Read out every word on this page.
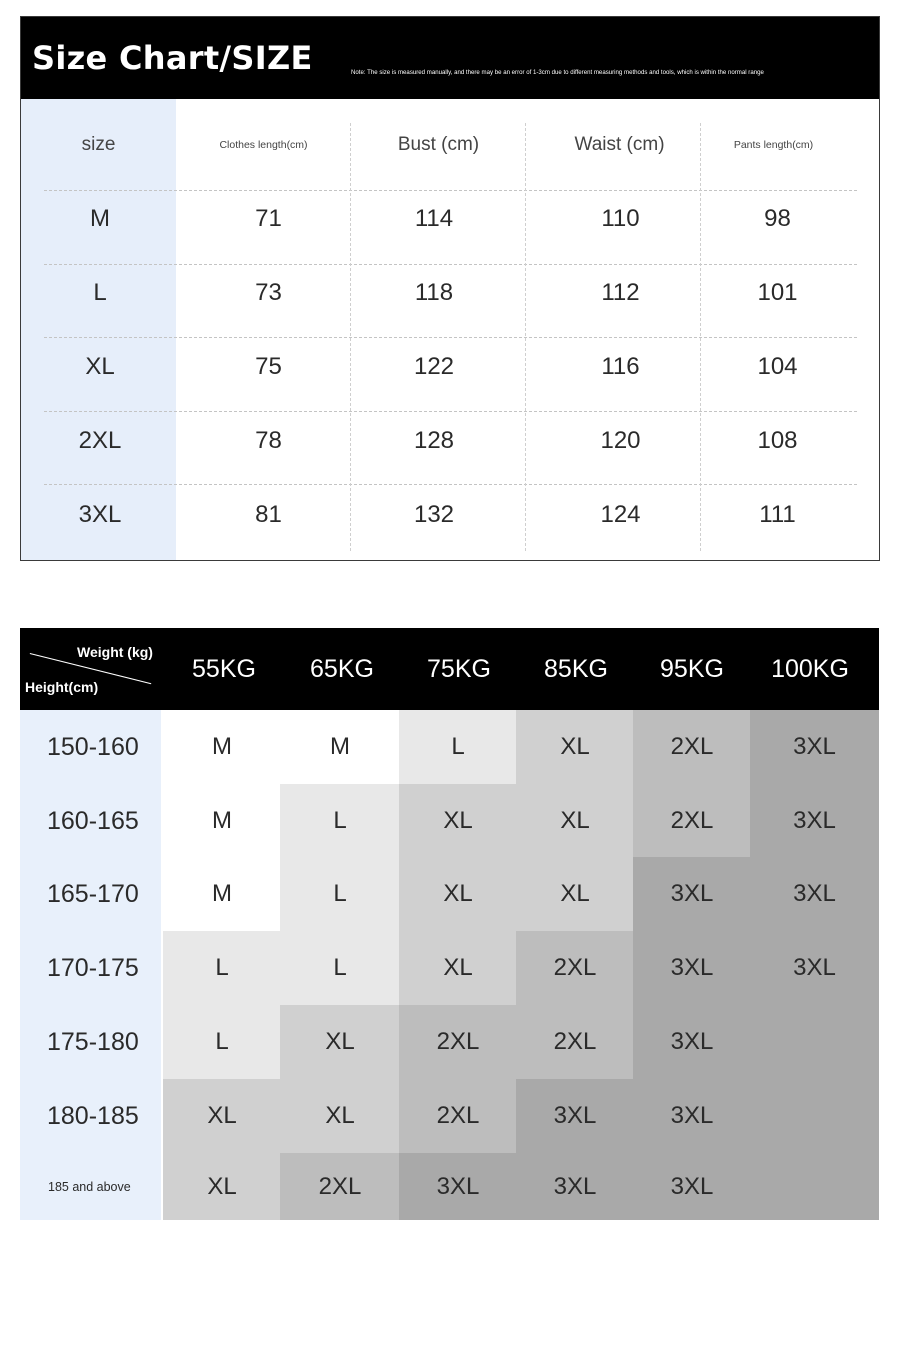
Size Chart/SIZE	Note: The size is measured manually, and there may be an error of 1-3cm due to different measuring methods and tools, which is within the normal range
size	Clothes length(cm)	Bust (cm)	Waist (cm)	Pants length(cm)
M	71	114	110	98
L	73	118	112	101
XL	75	122	116	104
2XL	78	128	120	108
3XL	81	132	124	111
Weight (kg)
Height(cm)
55KG	65KG	75KG	85KG	95KG	100KG
150-160	M	M	L	XL	2XL	3XL
160-165	M	L	XL	XL	2XL	3XL
165-170	M	L	XL	XL	3XL	3XL
170-175	L	L	XL	2XL	3XL	3XL
175-180	L	XL	2XL	2XL	3XL
180-185	XL	XL	2XL	3XL	3XL
185 and above	XL	2XL	3XL	3XL	3XL
